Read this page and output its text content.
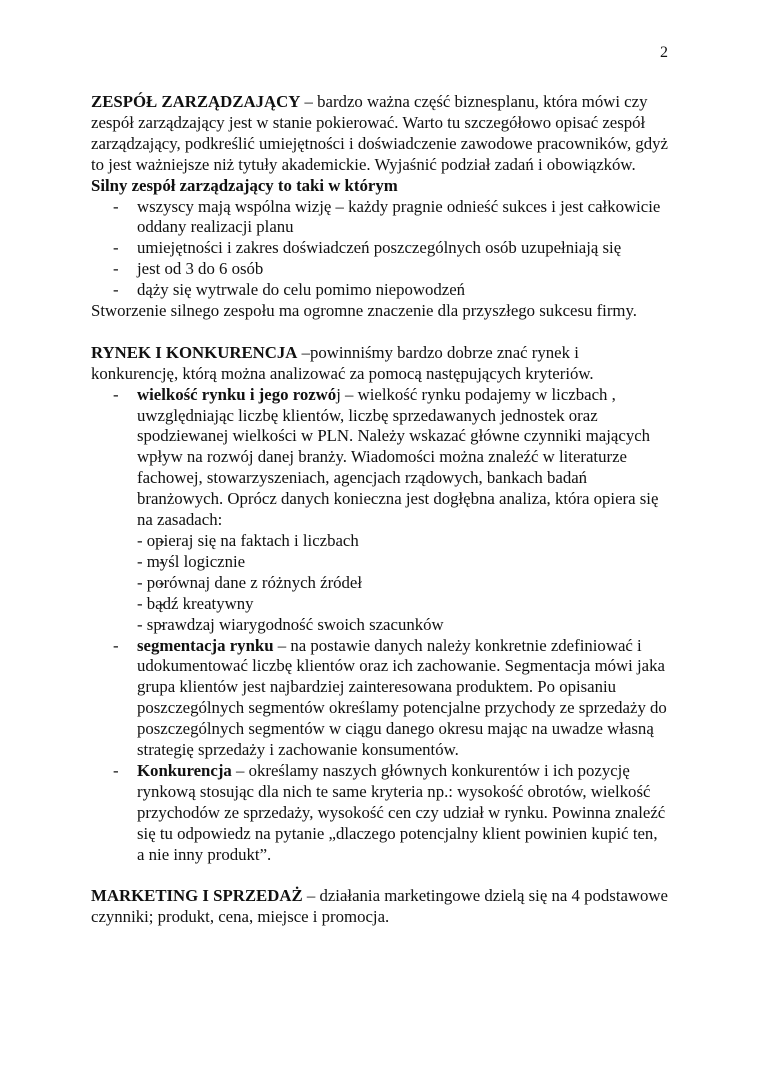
2

ZESPÓŁ ZARZĄDZAJĄCY – bardzo ważna część biznesplanu, która mówi czy zespół zarządzający jest w stanie pokierować. Warto tu szczegółowo opisać zespół zarządzający, podkreślić umiejętności i doświadczenie zawodowe pracowników, gdyż to jest ważniejsze niż tytuły akademickie. Wyjaśnić podział zadań i obowiązków.

Silny zespół zarządzający to taki w którym

- wszyscy mają wspólna wizję – każdy pragnie odnieść sukces i jest całkowicie oddany realizacji planu
- umiejętności i zakres doświadczeń poszczególnych osób uzupełniają się
- jest od 3 do 6 osób
- dąży się wytrwale do celu pomimo niepowodzeń

Stworzenie silnego zespołu ma ogromne znaczenie dla przyszłego sukcesu firmy.

RYNEK I KONKURENCJA –powinniśmy bardzo dobrze znać rynek i konkurencję, którą można analizować za pomocą następujących kryteriów.

- wielkość rynku i jego rozwój – wielkość rynku podajemy w liczbach , uwzględniając liczbę klientów, liczbę sprzedawanych jednostek oraz spodziewanej wielkości w PLN. Należy wskazać główne czynniki mających wpływ na rozwój danej branży. Wiadomości można znaleźć w literaturze fachowej, stowarzyszeniach, agencjach rządowych, bankach badań branżowych. Oprócz danych konieczna jest dogłębna analiza, która opiera się na zasadach:
- - opieraj się na faktach i liczbach
- - myśl logicznie
- - porównaj dane z różnych źródeł
- - bądź kreatywny
- - sprawdzaj wiarygodność swoich szacunków
- segmentacja rynku – na postawie danych należy konkretnie zdefiniować i udokumentować liczbę klientów oraz ich zachowanie. Segmentacja mówi jaka grupa klientów jest najbardziej zainteresowana produktem. Po opisaniu poszczególnych segmentów określamy potencjalne przychody ze sprzedaży do poszczególnych segmentów w ciągu danego okresu mając na uwadze własną strategię sprzedaży i zachowanie konsumentów.
- Konkurencja – określamy naszych głównych konkurentów i ich pozycję rynkową stosując dla nich te same kryteria np.: wysokość obrotów, wielkość przychodów ze sprzedaży, wysokość cen czy udział w rynku. Powinna znaleźć się tu odpowiedz na pytanie „dlaczego potencjalny klient powinien kupić ten, a nie inny produkt”.

MARKETING I SPRZEDAŻ – działania marketingowe dzielą się na 4 podstawowe czynniki; produkt, cena, miejsce i promocja.
